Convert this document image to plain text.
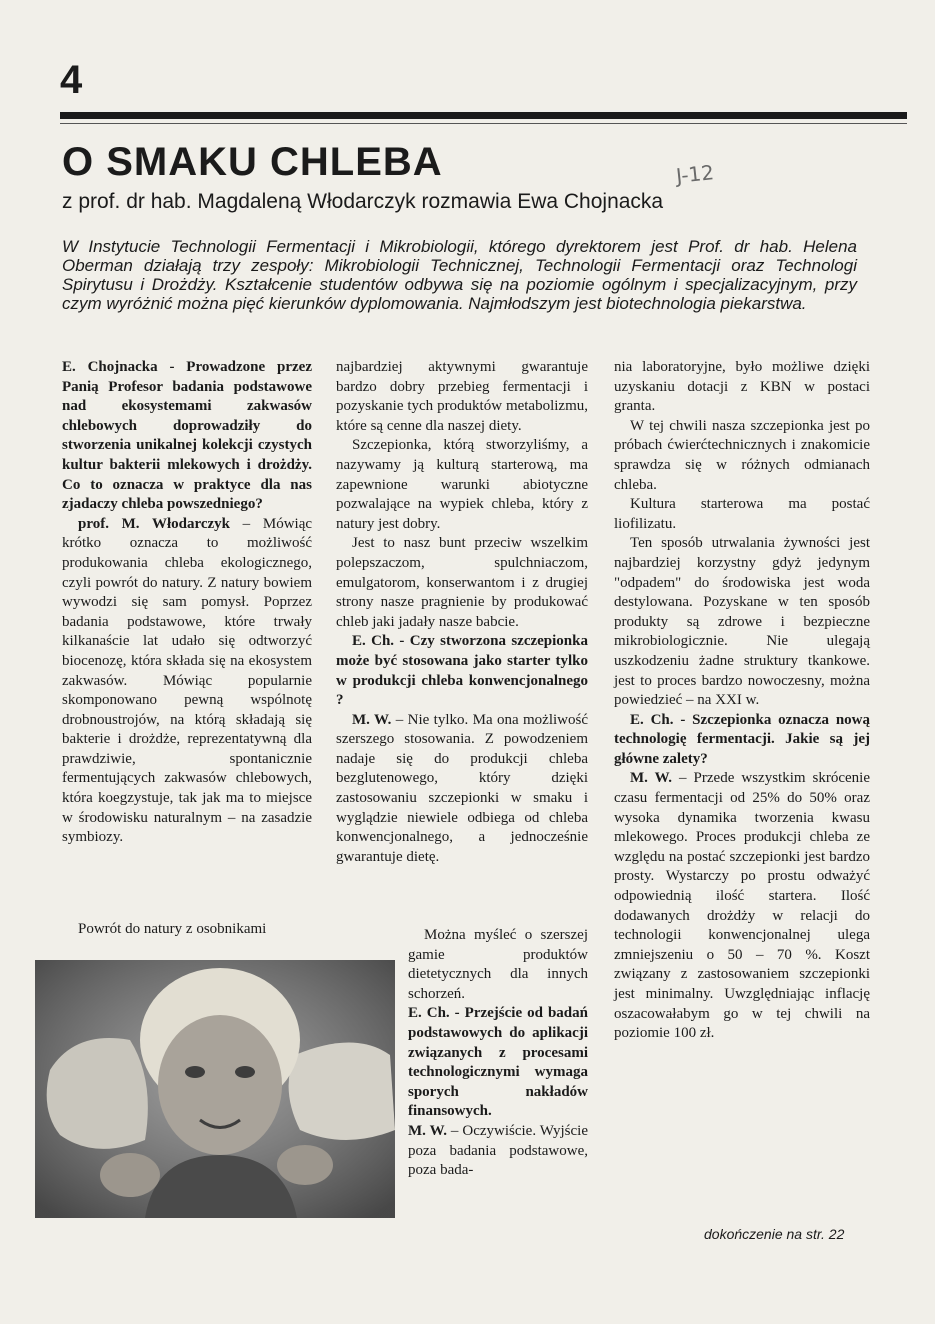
4
O SMAKU CHLEBA
z prof. dr hab. Magdaleną Włodarczyk rozmawia Ewa Chojnacka
J-12

W Instytucie Technologii Fermentacji i Mikrobiologii, którego dyrektorem jest Prof. dr hab. Helena Oberman działają trzy zespoły: Mikrobiologii Technicznej, Technologii Fermentacji oraz Technologi Spirytusu i Drożdży. Kształcenie studentów odbywa się na poziomie ogólnym i specjalizacyjnym, przy czym wyróżnić można pięć kierunków dyplomowania. Najmłodszym jest biotechnologia piekarstwa.

E. Chojnacka - Prowadzone przez Panią Profesor badania podstawowe nad ekosystemami zakwasów chlebowych doprowadziły do stworzenia unikalnej kolekcji czystych kultur bakterii mlekowych i drożdży. Co to oznacza w praktyce dla nas zjadaczy chleba powszedniego?

prof. M. Włodarczyk – Mówiąc krótko oznacza to możliwość produkowania chleba ekologicznego, czyli powrót do natury. Z natury bowiem wywodzi się sam pomysł. Poprzez badania podstawowe, które trwały kilkanaście lat udało się odtworzyć biocenozę, która składa się na ekosystem zakwasów. Mówiąc popularnie skomponowano pewną wspólnotę drobnoustrojów, na którą składają się bakterie i drożdże, reprezentatywną dla prawdziwie, spontanicznie fermentujących zakwasów chlebowych, która koegzystuje, tak jak ma to miejsce w środowisku naturalnym – na zasadzie symbiozy.

Powrót do natury z osobnikami

najbardziej aktywnymi gwarantuje bardzo dobry przebieg fermentacji i pozyskanie tych produktów metabolizmu, które są cenne dla naszej diety.

Szczepionka, którą stworzyliśmy, a nazywamy ją kulturą starterową, ma zapewnione warunki abiotyczne pozwalające na wypiek chleba, który z natury jest dobry.

Jest to nasz bunt przeciw wszelkim polepszaczom, spulchniaczom, emulgatorom, konserwantom i z drugiej strony nasze pragnienie by produkować chleb jaki jadały nasze babcie.

E. Ch. - Czy stworzona szczepionka może być stosowana jako starter tylko w produkcji chleba konwencjonalnego ?

M. W. – Nie tylko. Ma ona możliwość szerszego stosowania. Z powodzeniem nadaje się do produkcji chleba bezglutenowego, który dzięki zastosowaniu szczepionki w smaku i wyglądzie niewiele odbiega od chleba konwencjonalnego, a jednocześnie gwarantuje dietę.

Można myśleć o szerszej gamie produktów dietetycznych dla innych schorzeń.

E. Ch. - Przejście od badań podstawowych do aplikacji związanych z procesami technologicznymi wymaga sporych nakładów finansowych.

M. W. – Oczywiście. Wyjście poza badania podstawowe, poza bada-

nia laboratoryjne, było możliwe dzięki uzyskaniu dotacji z KBN w postaci granta.

W tej chwili nasza szczepionka jest po próbach ćwierćtechnicznych i znakomicie sprawdza się w różnych odmianach chleba.

Kultura starterowa ma postać liofilizatu.

Ten sposób utrwalania żywności jest najbardziej korzystny gdyż jedynym "odpadem" do środowiska jest woda destylowana. Pozyskane w ten sposób produkty są zdrowe i bezpieczne mikrobiologicznie. Nie ulegają uszkodzeniu żadne struktury tkankowe. jest to proces bardzo nowoczesny, można powiedzieć – na XXI w.

E. Ch. - Szczepionka oznacza nową technologię fermentacji. Jakie są jej główne zalety?

M. W. – Przede wszystkim skrócenie czasu fermentacji od 25% do 50% oraz wysoka dynamika tworzenia kwasu mlekowego. Proces produkcji chleba ze względu na postać szczepionki jest bardzo prosty. Wystarczy po prostu odważyć odpowiednią ilość startera. Ilość dodawanych drożdży w relacji do technologii konwencjonalnej ulega zmniejszeniu o 50 – 70 %. Koszt związany z zastosowaniem szczepionki jest minimalny. Uwzględniając inflację oszacowałabym go w tej chwili na poziomie 100 zł.

dokończenie na str. 22
